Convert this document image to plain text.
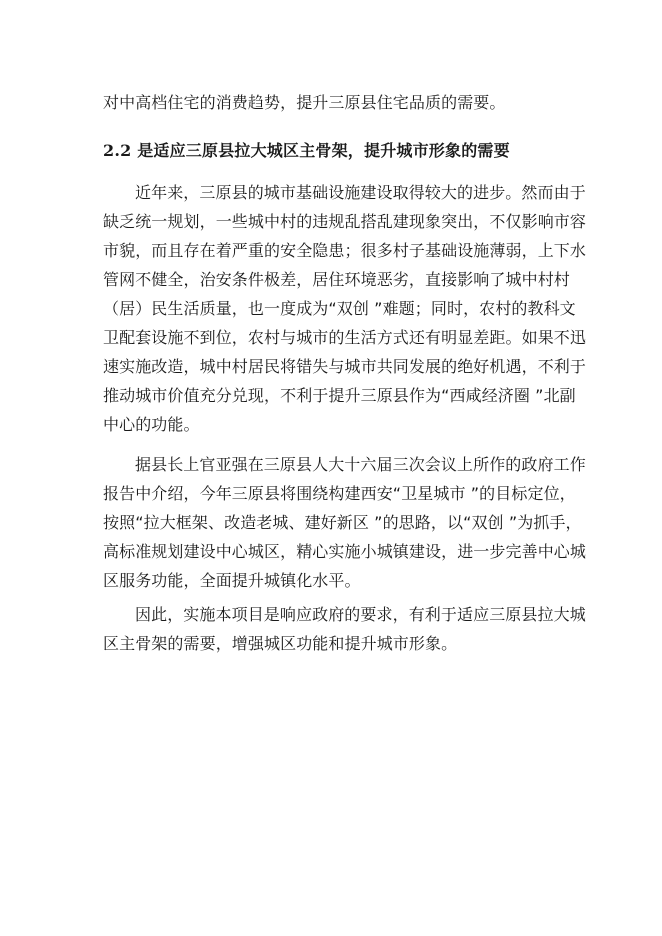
对中高档住宅的消费趋势，提升三原县住宅品质的需要。
2.2 是适应三原县拉大城区主骨架，提升城市形象的需要
近年来，三原县的城市基础设施建设取得较大的进步。然而由于
缺乏统一规划，一些城中村的违规乱搭乱建现象突出，不仅影响市容
市貌，而且存在着严重的安全隐患；很多村子基础设施薄弱，上下水
管网不健全，治安条件极差，居住环境恶劣，直接影响了城中村村
（居）民生活质量，也一度成为“双创 ”难题；同时，农村的教科文
卫配套设施不到位，农村与城市的生活方式还有明显差距。如果不迅
速实施改造，城中村居民将错失与城市共同发展的绝好机遇，不利于
推动城市价值充分兑现，不利于提升三原县作为“西咸经济圈 ”北副
中心的功能。
据县长上官亚强在三原县人大十六届三次会议上所作的政府工作
报告中介绍，今年三原县将围绕构建西安“卫星城市 ”的目标定位，
按照“拉大框架、改造老城、建好新区 ”的思路，以“双创 ”为抓手，
高标准规划建设中心城区，精心实施小城镇建设，进一步完善中心城
区服务功能，全面提升城镇化水平。
因此，实施本项目是响应政府的要求，有利于适应三原县拉大城
区主骨架的需要，增强城区功能和提升城市形象。
